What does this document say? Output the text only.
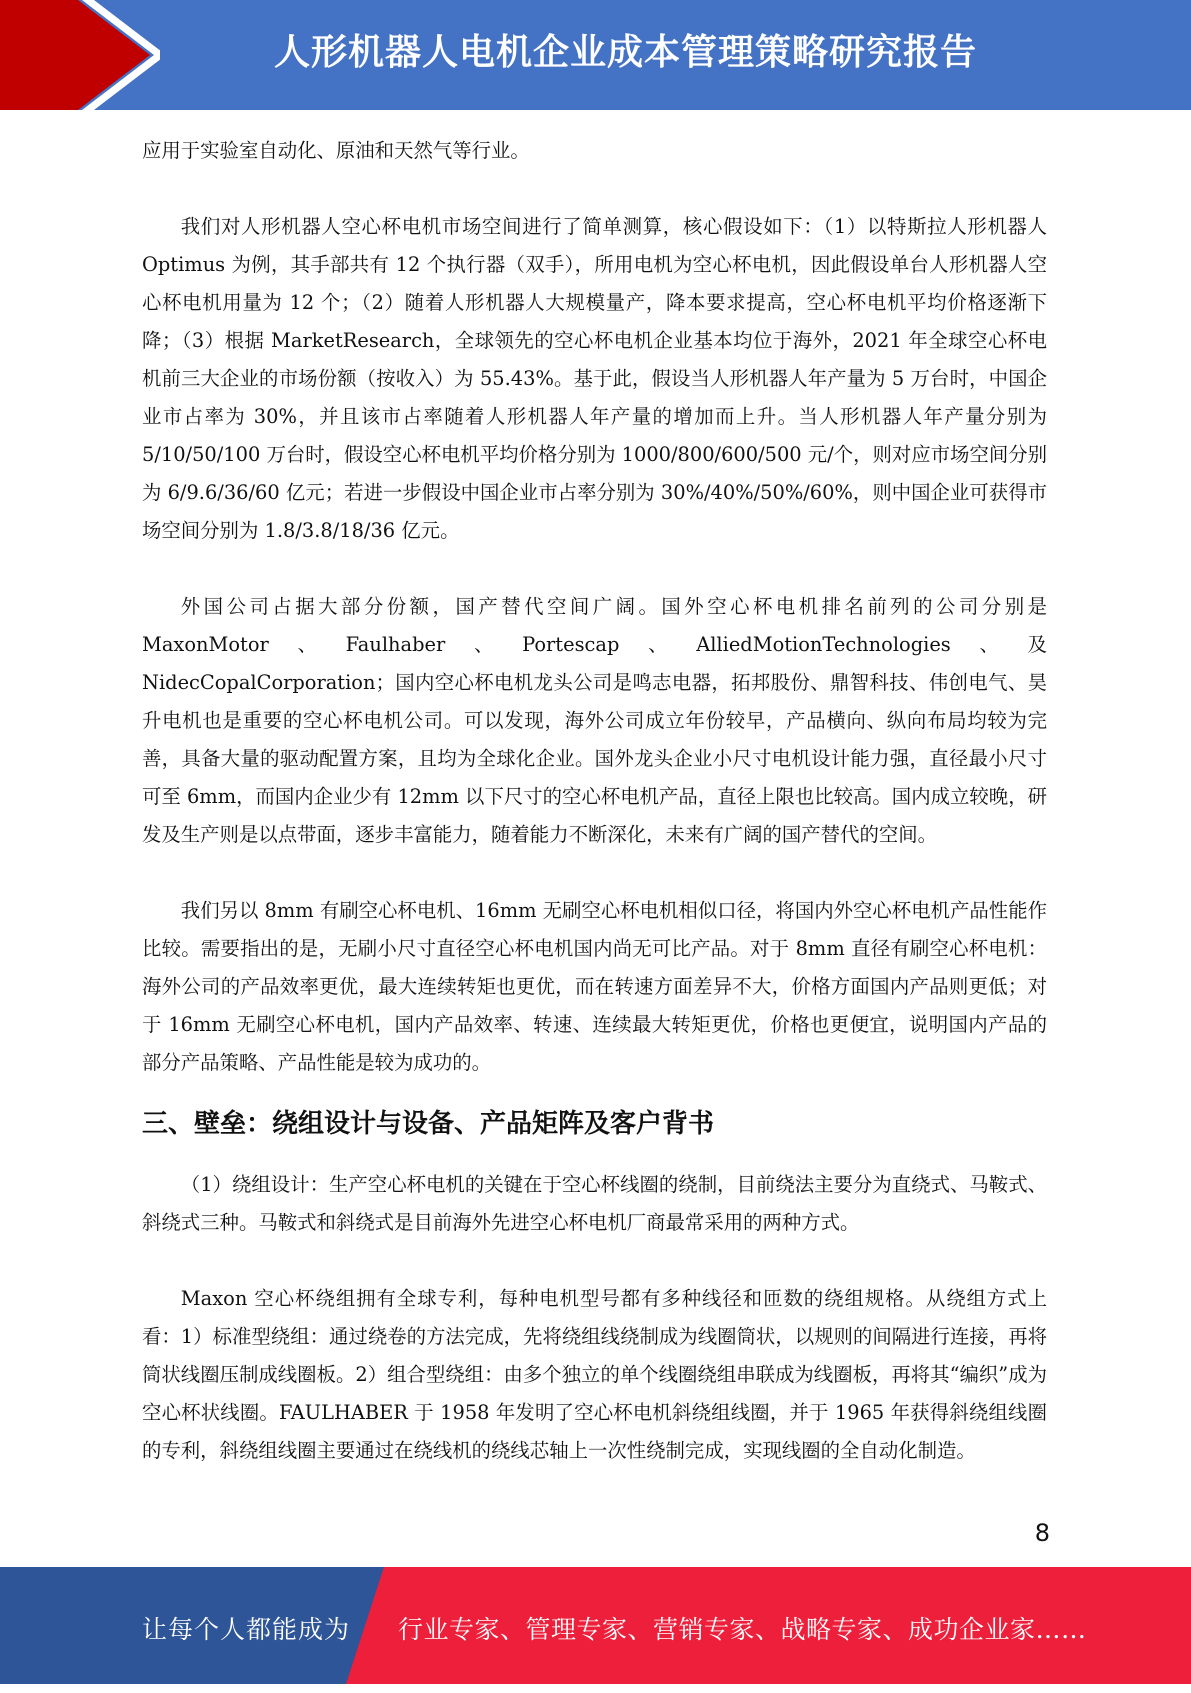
人形机器人电机企业成本管理策略研究报告

应用于实验室自动化、原油和天然气等行业。

我们对人形机器人空心杯电机市场空间进行了简单测算，核心假设如下：（1）以特斯拉人形机器人 Optimus 为例，其手部共有 12 个执行器（双手），所用电机为空心杯电机，因此假设单台人形机器人空心杯电机用量为 12 个；（2）随着人形机器人大规模量产，降本要求提高，空心杯电机平均价格逐渐下降；（3）根据 MarketResearch，全球领先的空心杯电机企业基本均位于海外，2021 年全球空心杯电机前三大企业的市场份额（按收入）为 55.43%。基于此，假设当人形机器人年产量为 5 万台时，中国企业市占率为 30%，并且该市占率随着人形机器人年产量的增加而上升。当人形机器人年产量分别为 5/10/50/100 万台时，假设空心杯电机平均价格分别为 1000/800/600/500 元/个，则对应市场空间分别为 6/9.6/36/60 亿元；若进一步假设中国企业市占率分别为 30%/40%/50%/60%，则中国企业可获得市场空间分别为 1.8/3.8/18/36 亿元。

外国公司占据大部分份额，国产替代空间广阔。国外空心杯电机排名前列的公司分别是 MaxonMotor、Faulhaber、Portescap、AlliedMotionTechnologies、及 NidecCopalCorporation；国内空心杯电机龙头公司是鸣志电器，拓邦股份、鼎智科技、伟创电气、昊升电机也是重要的空心杯电机公司。可以发现，海外公司成立年份较早，产品横向、纵向布局均较为完善，具备大量的驱动配置方案，且均为全球化企业。国外龙头企业小尺寸电机设计能力强，直径最小尺寸可至 6mm，而国内企业少有 12mm 以下尺寸的空心杯电机产品，直径上限也比较高。国内成立较晚，研发及生产则是以点带面，逐步丰富能力，随着能力不断深化，未来有广阔的国产替代的空间。

我们另以 8mm 有刷空心杯电机、16mm 无刷空心杯电机相似口径，将国内外空心杯电机产品性能作比较。需要指出的是，无刷小尺寸直径空心杯电机国内尚无可比产品。对于 8mm 直径有刷空心杯电机：海外公司的产品效率更优，最大连续转矩也更优，而在转速方面差异不大，价格方面国内产品则更低；对于 16mm 无刷空心杯电机，国内产品效率、转速、连续最大转矩更优，价格也更便宜，说明国内产品的部分产品策略、产品性能是较为成功的。

三、壁垒：绕组设计与设备、产品矩阵及客户背书

（1）绕组设计：生产空心杯电机的关键在于空心杯线圈的绕制，目前绕法主要分为直绕式、马鞍式、斜绕式三种。马鞍式和斜绕式是目前海外先进空心杯电机厂商最常采用的两种方式。

Maxon 空心杯绕组拥有全球专利，每种电机型号都有多种线径和匝数的绕组规格。从绕组方式上看：1）标准型绕组：通过绕卷的方法完成，先将绕组线绕制成为线圈筒状，以规则的间隔进行连接，再将筒状线圈压制成线圈板。2）组合型绕组：由多个独立的单个线圈绕组串联成为线圈板，再将其“编织”成为空心杯状线圈。FAULHABER 于 1958 年发明了空心杯电机斜绕组线圈，并于 1965 年获得斜绕组线圈的专利，斜绕组线圈主要通过在绕线机的绕线芯轴上一次性绕制完成，实现线圈的全自动化制造。

8
让每个人都能成为 行业专家、管理专家、营销专家、战略专家、成功企业家……
